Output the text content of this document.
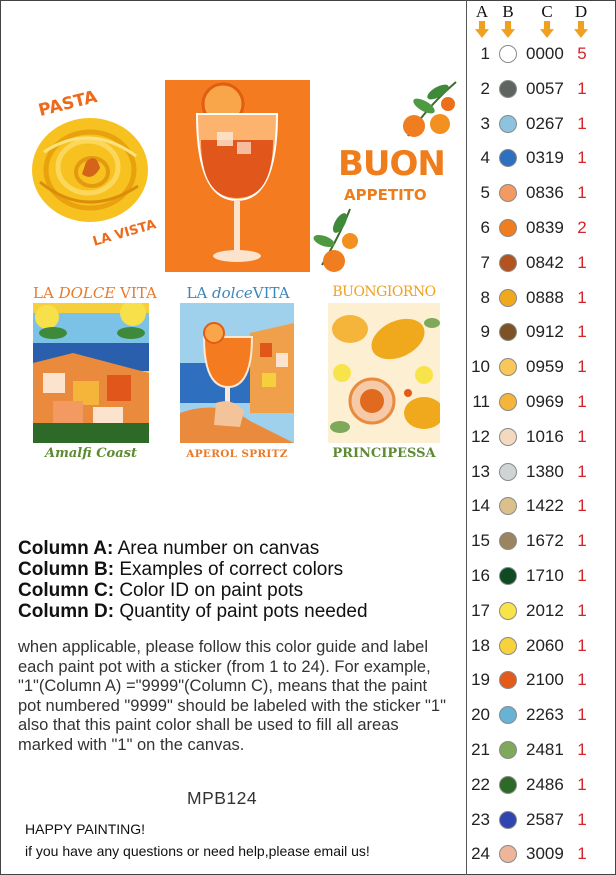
A B	C	D
1 0000 5
2 0057 1
3 0267 1
4 0319 1
5 0836 1
6 0839 2
7 0842 1
8 0888 1
9 0912 1
10 0959 1
11 0969 1
12 1016 1
13 1380 1
14 1422 1
15 1672 1
16 1710 1
17 2012 1
18 2060 1
19 2100 1
20 2263 1
21 2481 1
22 2486 1
23 2587 1
24 3009 1
PASTA
LA VISTA
BUON
APPETITO
LA DOLCE VITA
Amalfi Coast
LA dolceVITA
APEROL SPRITZ
BUONGIORNO
PRINCIPESSA
Column A: Area number on canvas
Column B: Examples of correct colors
Column C: Color ID on paint pots
Column D: Quantity of paint pots needed
when applicable, please follow this color guide and label each paint pot with a sticker (from 1 to 24). For example, "1"(Column A) ="9999"(Column C), means that the paint pot numbered "9999" should be labeled with the sticker "1" also that this paint color shall be used to fill all areas marked with "1" on the canvas.
MPB124
HAPPY PAINTING!
if you have any questions or need help,please email us!
